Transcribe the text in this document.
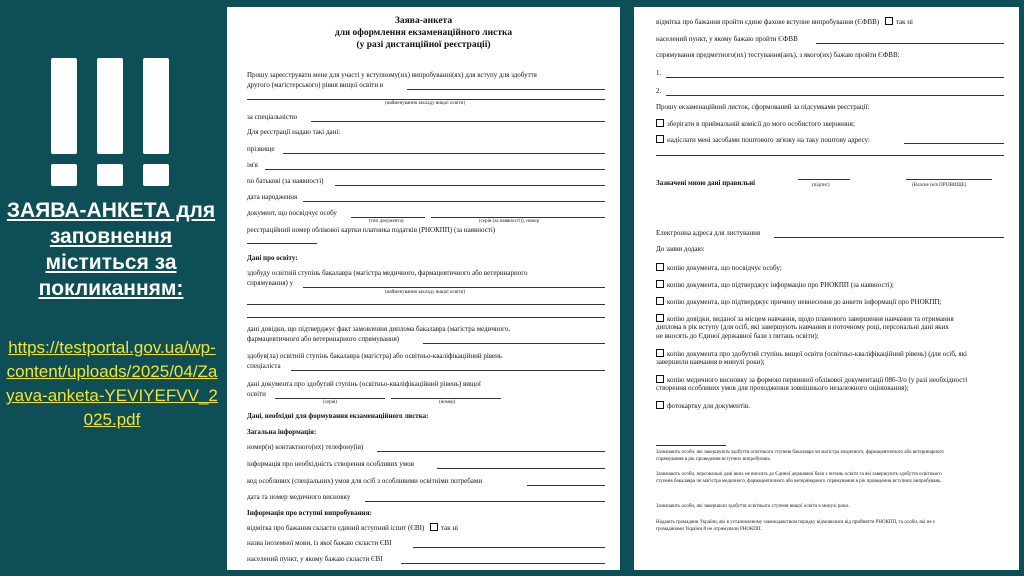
ЗАЯВА-АНКЕТА для заповнення міститься за покликанням:
https://testportal.gov.ua/wp-content/uploads/2025/04/Zayava-anketa-YEVIYEFVV_2025.pdf
Заява-анкета
для оформлення екзаменаційного листка
(у разі дистанційної реєстрації)
Прошу зареєструвати мене для участі у вступному(их) випробуванні(ях) для вступу для здобуття
другого (магістерського) рівня вищої освіти в
(найменування закладу вищої освіти)
за спеціальністю
Для реєстрації надаю такі дані:
прізвище
ім'я
по батькові (за наявності)
дата народження
документ, що посвідчує особу
(тип документа)	(серія (за наявності)), номер
реєстраційний номер облікової картки платника податків (РНОКПП) (за наявності)
Дані про освіту:
здобуду освітній ступінь бакалавра (магістра медичного, фармацевтичного або ветеринарного
спрямування) у
(найменування закладу вищої освіти)
дані довідки, що підтверджує факт замовлення диплома бакалавра (магістра медичного,
фармацевтичного або ветеринарного спрямування)
здобув(ла) освітній ступінь бакалавра (магістра) або освітньо-кваліфікаційний рівень
спеціаліста
дані документа про здобутий ступінь (освітньо-кваліфікаційний рівень) вищої
освіти
(серія)	(номер)
Дані, необхідні для формування екзаменаційного листка:
Загальна інформація:
номер(и) контактного(их) телефону(ів)
інформація про необхідність створення особливих умов
код особливих (спеціальних) умов для осіб з особливими освітніми потребами
дата та номер медичного висновку
Інформація про вступні випробування:
відмітка про бажання скласти єдиний вступний іспит (ЄВІ) так ні
назва іноземної мови, із якої бажаю скласти ЄВІ
населений пункт, у якому бажаю скласти ЄВІ
відмітка про бажання пройти єдине фахове вступне випробування (ЄФВВ) так ні
населений пункт, у якому бажаю пройти ЄФВВ
спрямування предметного(их) тестування(анъ), з якого(их) бажаю пройти ЄФВВ:
1.
2.
Прошу екзаменаційний листок, сформований за підсумками реєстрації:
зберігати в приймальній комісії до мого особистого звернення;
надіслати мені засобами поштового зв'язку на таку поштову адресу:
Зазначені мною дані правильні	(підпис)	(Власне ім'я ПРІЗВИЩЕ)
Електронна адреса для листування
До заяви додаю:
копію документа, що посвідчує особу;
копію документа, що підтверджує інформацію про РНОКПП (за наявності);
копію документа, що підтверджує причину невнесення до анкети інформації про РНОКПП;
копію довідки, виданої за місцем навчання, щодо планового завершення навчання та отримання
диплома в рік вступу (для осіб, які завершують навчання в поточному році, персональні дані яких
не вносять до Єдиної державної бази з питань освіти);
копію документа про здобутий ступінь вищої освіти (освітньо-кваліфікаційний рівень) (для осіб, які
завершили навчання в минулі роки);
копію медичного висновку за формою первинної облікової документації 086-3/о (у разі необхідності
створення особливих умов для проходження зовнішнього незалежного оцінювання);
фотокартку для документів.
Зазначають особи, які завершують здобуття освітнього ступеня бакалавра чи магістра медичного, фармацевтичного або ветеринарного
спрямування в рік проведення вступних випробувань.
Зазначають особи, персональні дані яких не вносять до Єдиної державної бази з питань освіти та які завершують здобуття освітнього
ступеня бакалавра чи магістра медичного, фармацевтичного або ветеринарного спрямування в рік проведення вступних випробувань.
Зазначають особи, які завершили здобуття освітнього ступеня вищої освіти в минулі роки.
Надають громадяни України, які в установленому законодавством порядку відмовилися від прийняття РНОКПП, та особи, які не є
громадянами України й не отримували РНОКПП.
